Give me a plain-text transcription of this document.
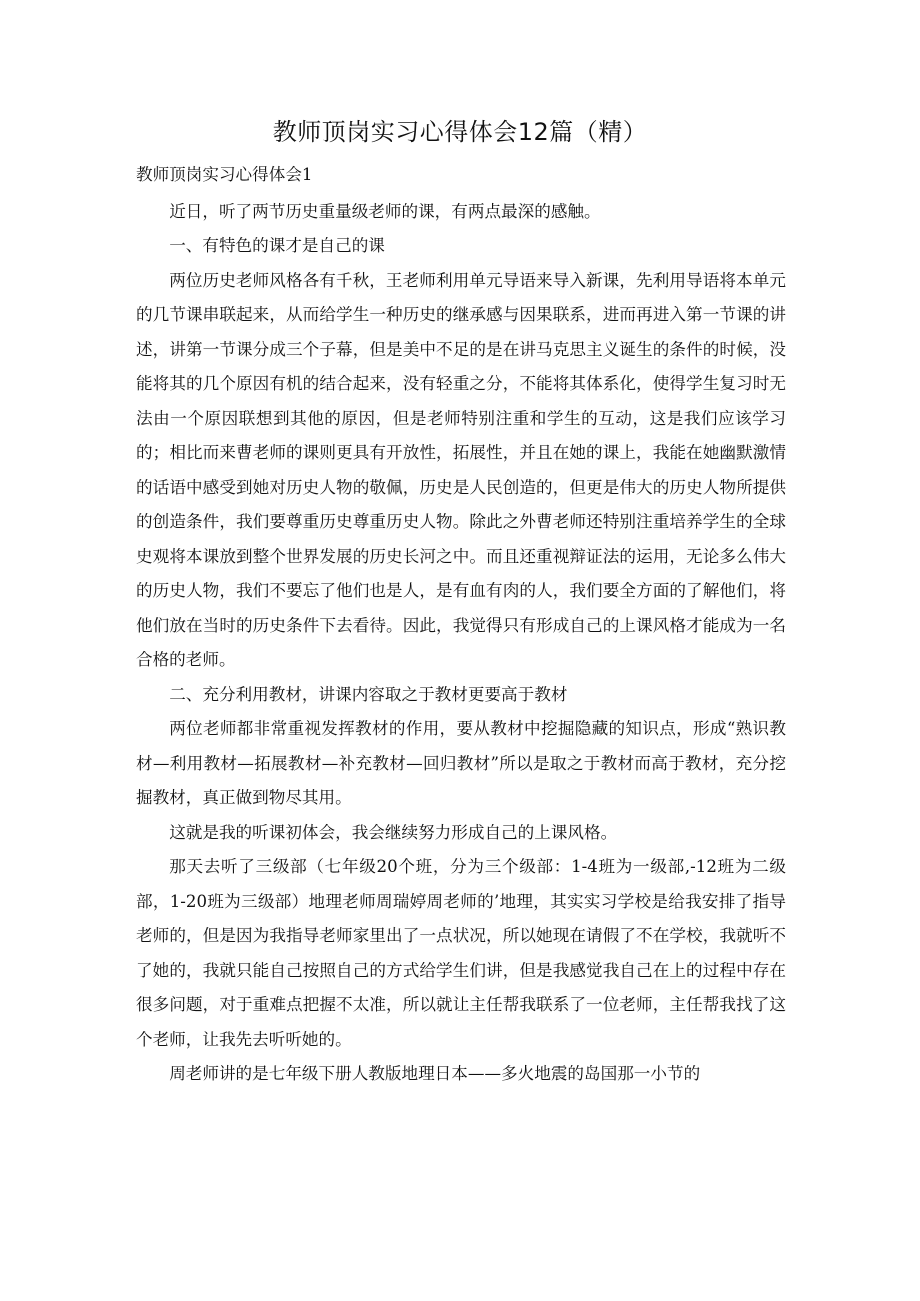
教师顶岗实习心得体会12篇（精）

教师顶岗实习心得体会1

近日，听了两节历史重量级老师的课，有两点最深的感触。

一、有特色的课才是自己的课

两位历史老师风格各有千秋，王老师利用单元导语来导入新课，先利用导语将本单元的几节课串联起来，从而给学生一种历史的继承感与因果联系，进而再进入第一节课的讲述，讲第一节课分成三个子幕，但是美中不足的是在讲马克思主义诞生的条件的时候，没能将其的几个原因有机的结合起来，没有轻重之分，不能将其体系化，使得学生复习时无法由一个原因联想到其他的原因，但是老师特别注重和学生的互动，这是我们应该学习的；相比而来曹老师的课则更具有开放性，拓展性，并且在她的课上，我能在她幽默激情的话语中感受到她对历史人物的敬佩，历史是人民创造的，但更是伟大的历史人物所提供的创造条件，我们要尊重历史尊重历史人物。除此之外曹老师还特别注重培养学生的全球史观将本课放到整个世界发展的历史长河之中。而且还重视辩证法的运用，无论多么伟大的历史人物，我们不要忘了他们也是人，是有血有肉的人，我们要全方面的了解他们，将他们放在当时的历史条件下去看待。因此，我觉得只有形成自己的上课风格才能成为一名合格的老师。

二、充分利用教材，讲课内容取之于教材更要高于教材

两位老师都非常重视发挥教材的作用，要从教材中挖掘隐藏的知识点，形成“熟识教材—利用教材—拓展教材—补充教材—回归教材”所以是取之于教材而高于教材，充分挖掘教材，真正做到物尽其用。

这就是我的听课初体会，我会继续努力形成自己的上课风格。

那天去听了三级部（七年级20个班，分为三个级部：1-4班为一级部,-12班为二级部，1-20班为三级部）地理老师周瑞婷周老师的’地理，其实实习学校是给我安排了指导老师的，但是因为我指导老师家里出了一点状况，所以她现在请假了不在学校，我就听不了她的，我就只能自己按照自己的方式给学生们讲，但是我感觉我自己在上的过程中存在很多问题，对于重难点把握不太准，所以就让主任帮我联系了一位老师，主任帮我找了这个老师，让我先去听听她的。

周老师讲的是七年级下册人教版地理日本——多火地震的岛国那一小节的
